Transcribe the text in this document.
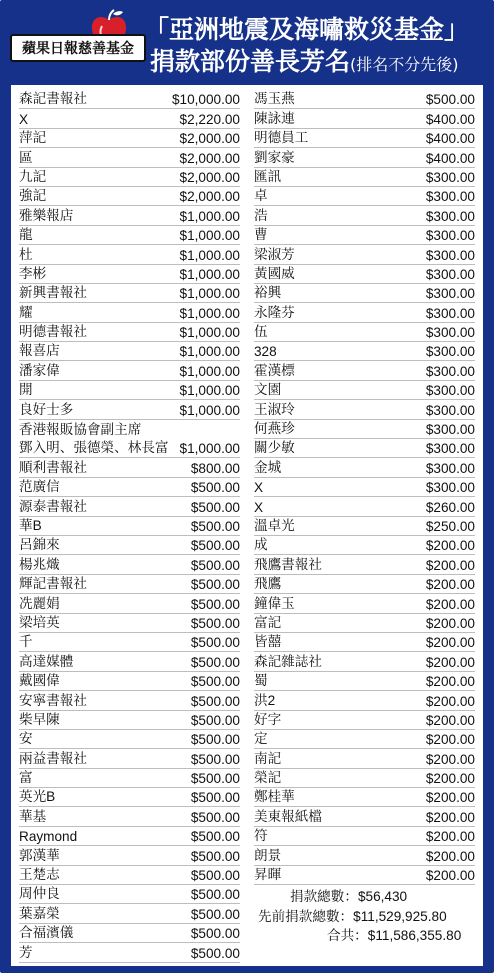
蘋果日報慈善基金
「亞洲地震及海嘯救災基金」
捐款部份善長芳名(排名不分先後)
森記書報社	$10,000.00
X	$2,220.00
萍記	$2,000.00
區	$2,000.00
九記	$2,000.00
強記	$2,000.00
雅樂報店	$1,000.00
龍	$1,000.00
杜	$1,000.00
李彬	$1,000.00
新興書報社	$1,000.00
耀	$1,000.00
明德書報社	$1,000.00
報喜店	$1,000.00
潘家偉	$1,000.00
開	$1,000.00
良好士多	$1,000.00
香港報販協會副主席
鄧入明、張德榮、林長富 $1,000.00
順利書報社	$800.00
范廣信	$500.00
源泰書報社	$500.00
華B	$500.00
呂錦來	$500.00
楊兆熾	$500.00
輝記書報社	$500.00
冼麗娟	$500.00
梁培英	$500.00
千	$500.00
高達媒體	$500.00
戴國偉	$500.00
安寧書報社	$500.00
柴早陳	$500.00
安	$500.00
兩益書報社	$500.00
富	$500.00
英光B	$500.00
華基	$500.00
Raymond	$500.00
郭漢華	$500.00
王楚志	$500.00
周仲良	$500.00
葉嘉榮	$500.00
合福濱儀	$500.00
芳	$500.00
馮玉燕	$500.00
陳詠連	$400.00
明德員工	$400.00
劉家豪	$400.00
匯訊	$300.00
卓	$300.00
浩	$300.00
曹	$300.00
梁淑芳	$300.00
黃國威	$300.00
裕興	$300.00
永隆芬	$300.00
伍	$300.00
328	$300.00
霍漢標	$300.00
文園	$300.00
王淑玲	$300.00
何燕珍	$300.00
關少敏	$300.00
金城	$300.00
X	$300.00
X	$260.00
溫卓光	$250.00
成	$200.00
飛鷹書報社	$200.00
飛鷹	$200.00
鐘偉玉	$200.00
富記	$200.00
皆囍	$200.00
森記雜誌社	$200.00
蜀	$200.00
洪2	$200.00
好字	$200.00
定	$200.00
南記	$200.00
榮記	$200.00
鄭桂華	$200.00
美東報紙檔	$200.00
符	$200.00
朗景	$200.00
昇暉	$200.00
捐款總數：$56,430
先前捐款總數：$11,529,925.80
合共：$11,586,355.80
